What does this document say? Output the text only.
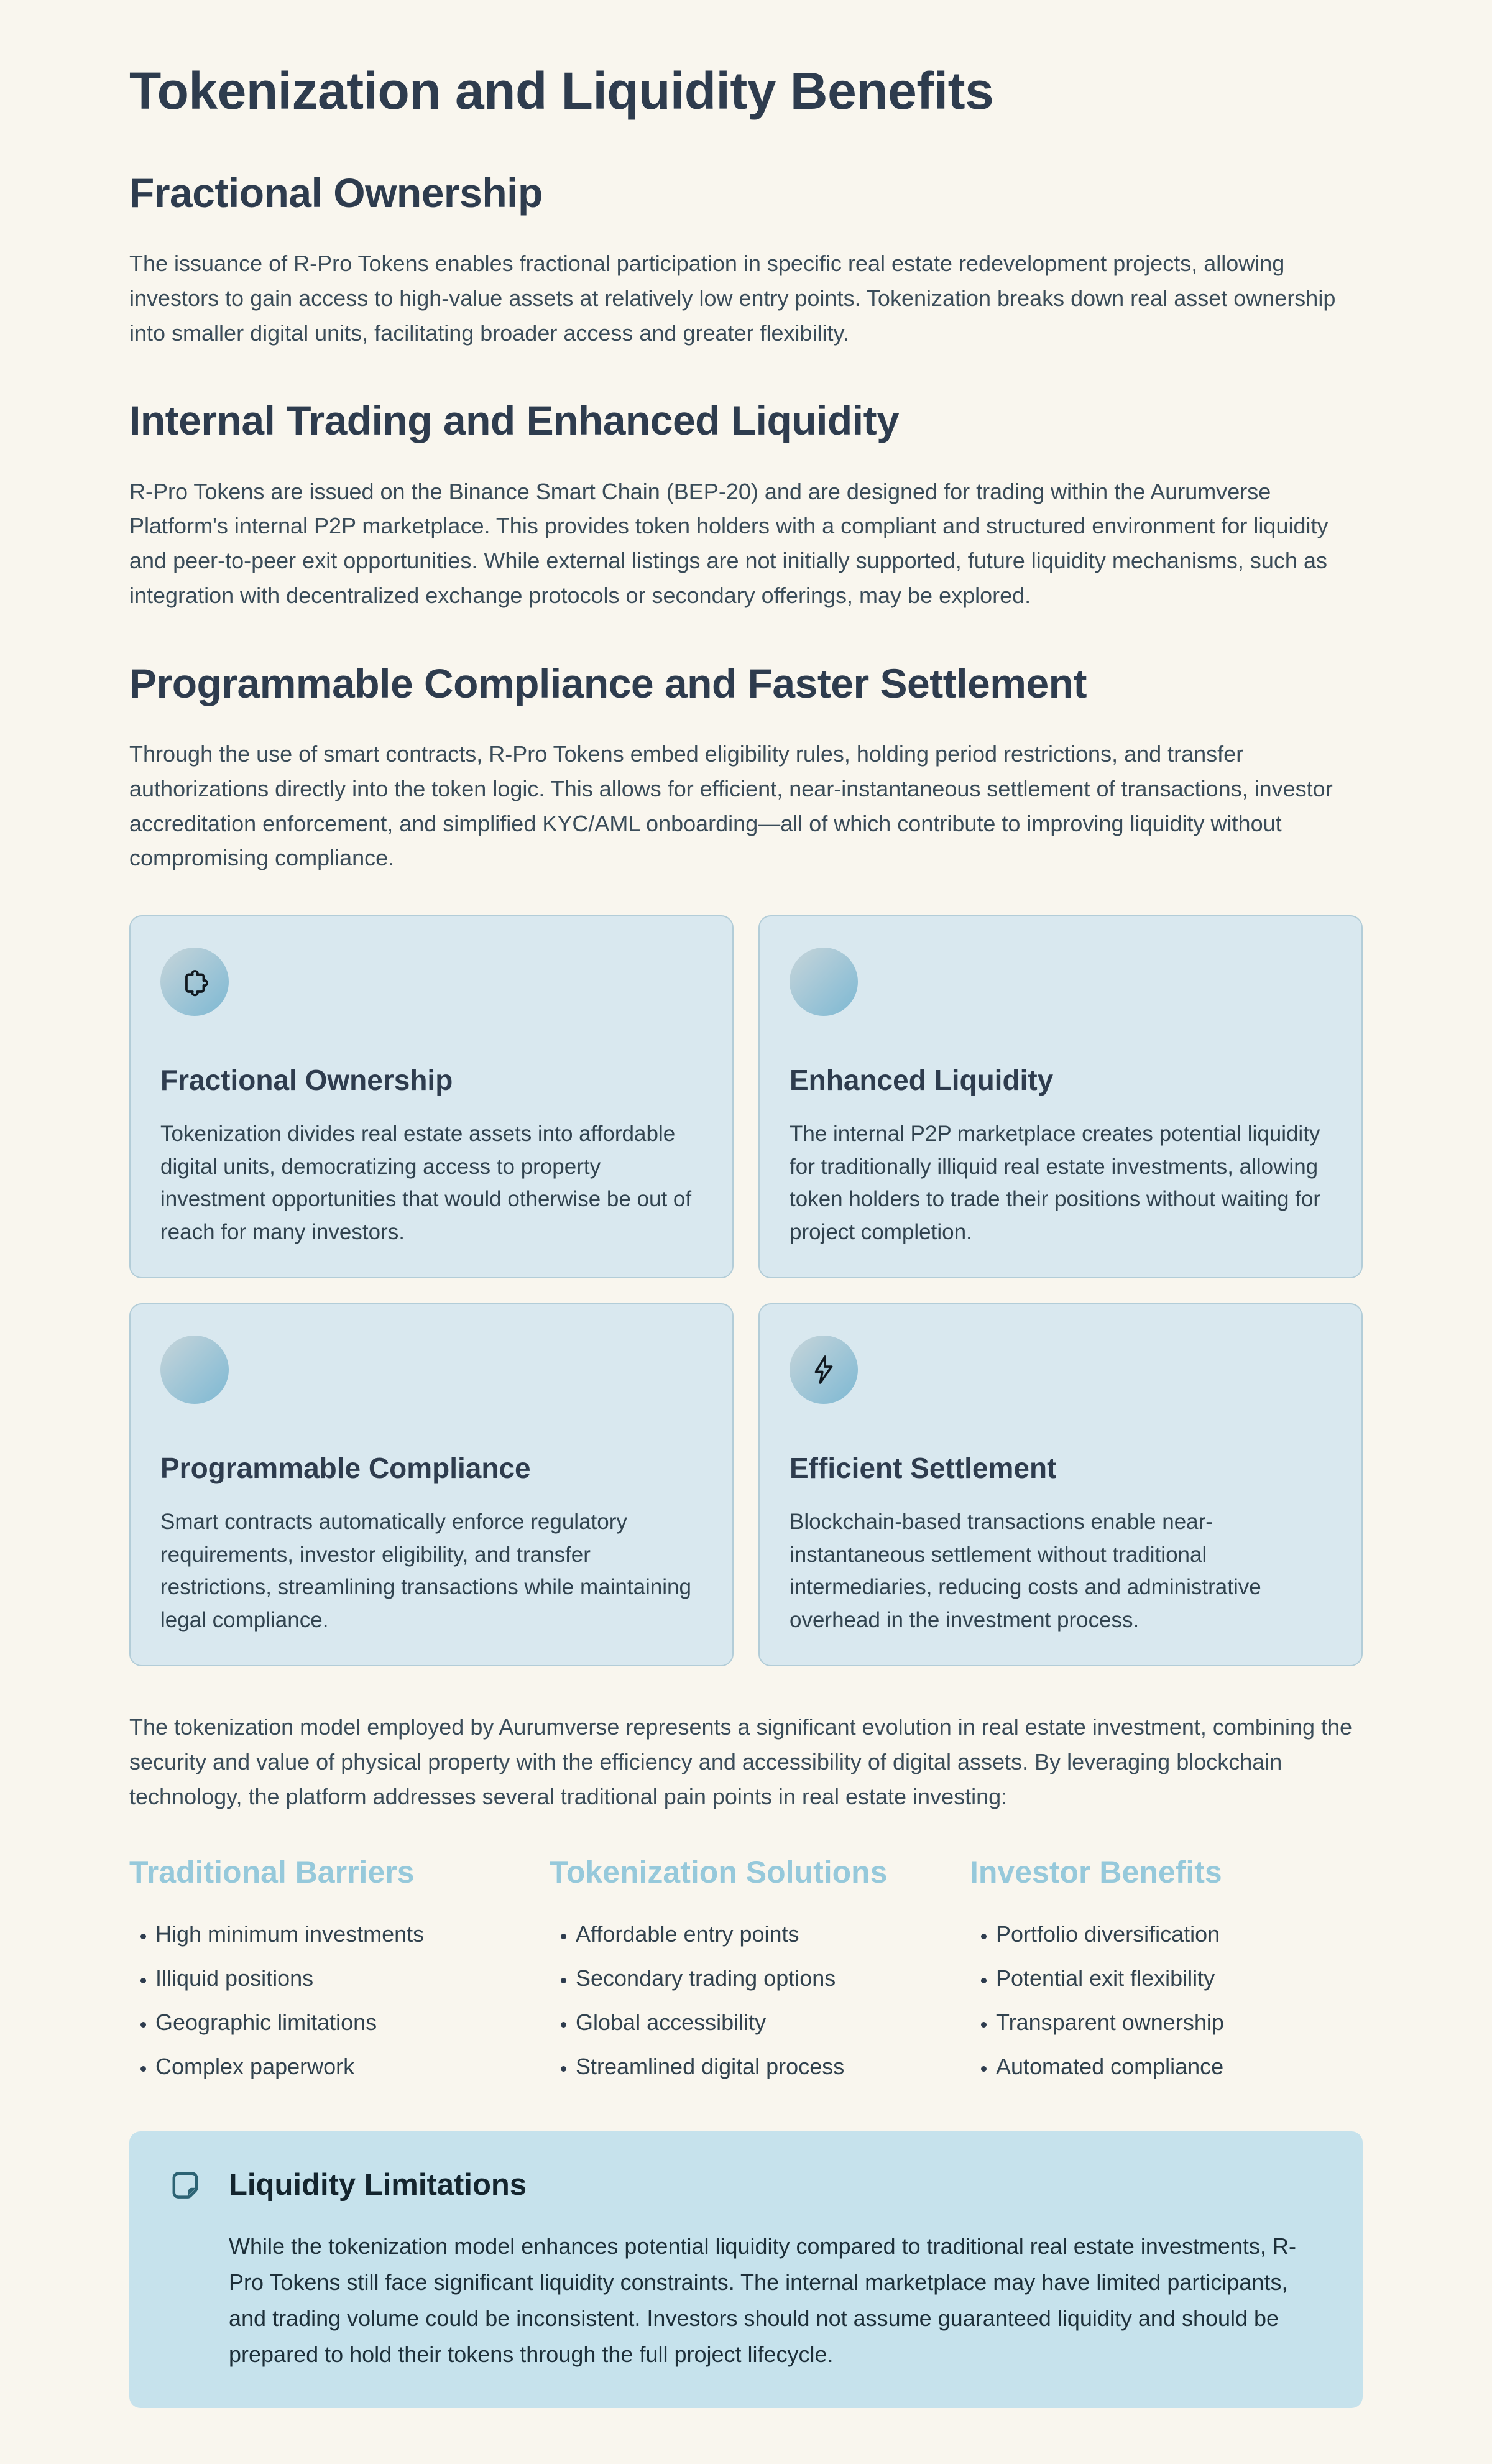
Tokenization and Liquidity Benefits
Fractional Ownership

The issuance of R-Pro Tokens enables fractional participation in specific real estate redevelopment projects, allowing investors to gain access to high-value assets at relatively low entry points. Tokenization breaks down real asset ownership into smaller digital units, facilitating broader access and greater flexibility.

Internal Trading and Enhanced Liquidity

R-Pro Tokens are issued on the Binance Smart Chain (BEP-20) and are designed for trading within the Aurumverse Platform's internal P2P marketplace. This provides token holders with a compliant and structured environment for liquidity and peer-to-peer exit opportunities. While external listings are not initially supported, future liquidity mechanisms, such as integration with decentralized exchange protocols or secondary offerings, may be explored.

Programmable Compliance and Faster Settlement

Through the use of smart contracts, R-Pro Tokens embed eligibility rules, holding period restrictions, and transfer authorizations directly into the token logic. This allows for efficient, near-instantaneous settlement of transactions, investor accreditation enforcement, and simplified KYC/AML onboarding—all of which contribute to improving liquidity without compromising compliance.

Fractional Ownership

Tokenization divides real estate assets into affordable digital units, democratizing access to property investment opportunities that would otherwise be out of reach for many investors.

Enhanced Liquidity

The internal P2P marketplace creates potential liquidity for traditionally illiquid real estate investments, allowing token holders to trade their positions without waiting for project completion.

Programmable Compliance

Smart contracts automatically enforce regulatory requirements, investor eligibility, and transfer restrictions, streamlining transactions while maintaining legal compliance.

Efficient Settlement

Blockchain-based transactions enable near-instantaneous settlement without traditional intermediaries, reducing costs and administrative overhead in the investment process.

The tokenization model employed by Aurumverse represents a significant evolution in real estate investment, combining the security and value of physical property with the efficiency and accessibility of digital assets. By leveraging blockchain technology, the platform addresses several traditional pain points in real estate investing:

Traditional Barriers
• High minimum investments
• Illiquid positions
• Geographic limitations
• Complex paperwork
Tokenization Solutions
• Affordable entry points
• Secondary trading options
• Global accessibility
• Streamlined digital process
Investor Benefits
• Portfolio diversification
• Potential exit flexibility
• Transparent ownership
• Automated compliance
Liquidity Limitations

While the tokenization model enhances potential liquidity compared to traditional real estate investments, R-Pro Tokens still face significant liquidity constraints. The internal marketplace may have limited participants, and trading volume could be inconsistent. Investors should not assume guaranteed liquidity and should be prepared to hold their tokens through the full project lifecycle.
